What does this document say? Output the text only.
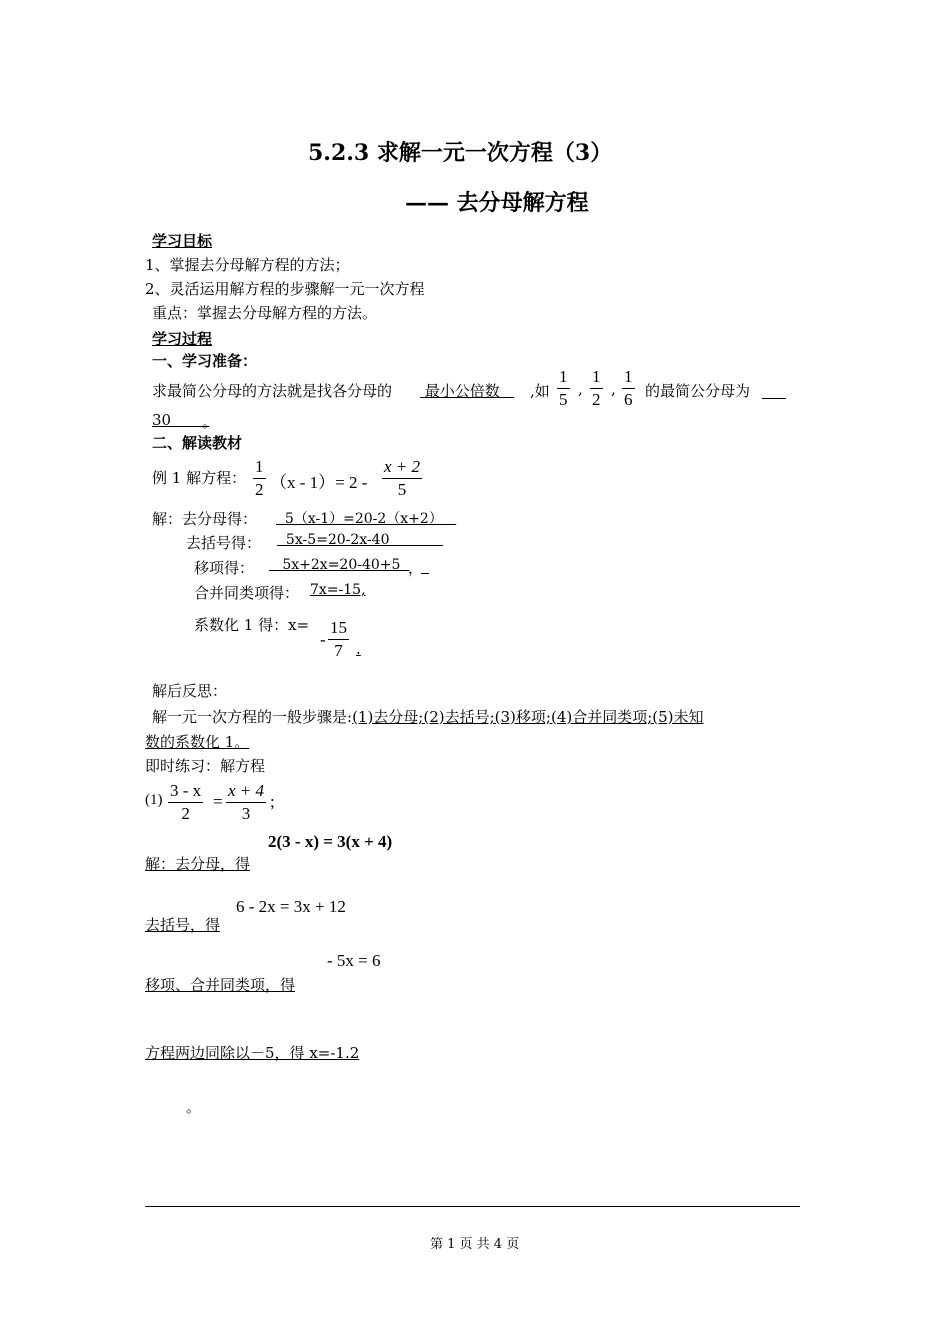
5.2.3 求解一元一次方程（3）
—— 去分母解方程
学习目标
1、掌握去分母解方程的方法；
2、灵活运用解方程的步骤解一元一次方程
重点：掌握去分母解方程的方法。
学习过程
一、学习准备：
求最简公分母的方法就是找各分母的	最小公倍数	,如
1
5
,
1
2
,
1
6 的最简公分母为
30	。
二、解读教材
例 1 解方程：
1
2 （x - 1）= 2 -
x + 2
5
解：去分母得：	5（x-1）=20-2（x+2）
去括号得：	5x-5=20-2x-40
移项得：	5x+2x=20-40+5 ，
合并同类项得： 7x=-15,
系数化 1 得：x=
-
15
7 .
解后反思：
解一元一次方程的一般步骤是:(1)去分母;(2)去括号;(3)移项;(4)合并同类项;(5)未知
数的系数化 1。
即时练习：解方程
(1) 3 - x
2
=
x + 4
3
;
2(3 - x) = 3(x + 4)
解：去分母，得
6 - 2x = 3x + 12
去括号，得
- 5x = 6
移项、合并同类项，得
方程两边同除以－5，得 x=-1.2
。
第 1 页 共 4 页
